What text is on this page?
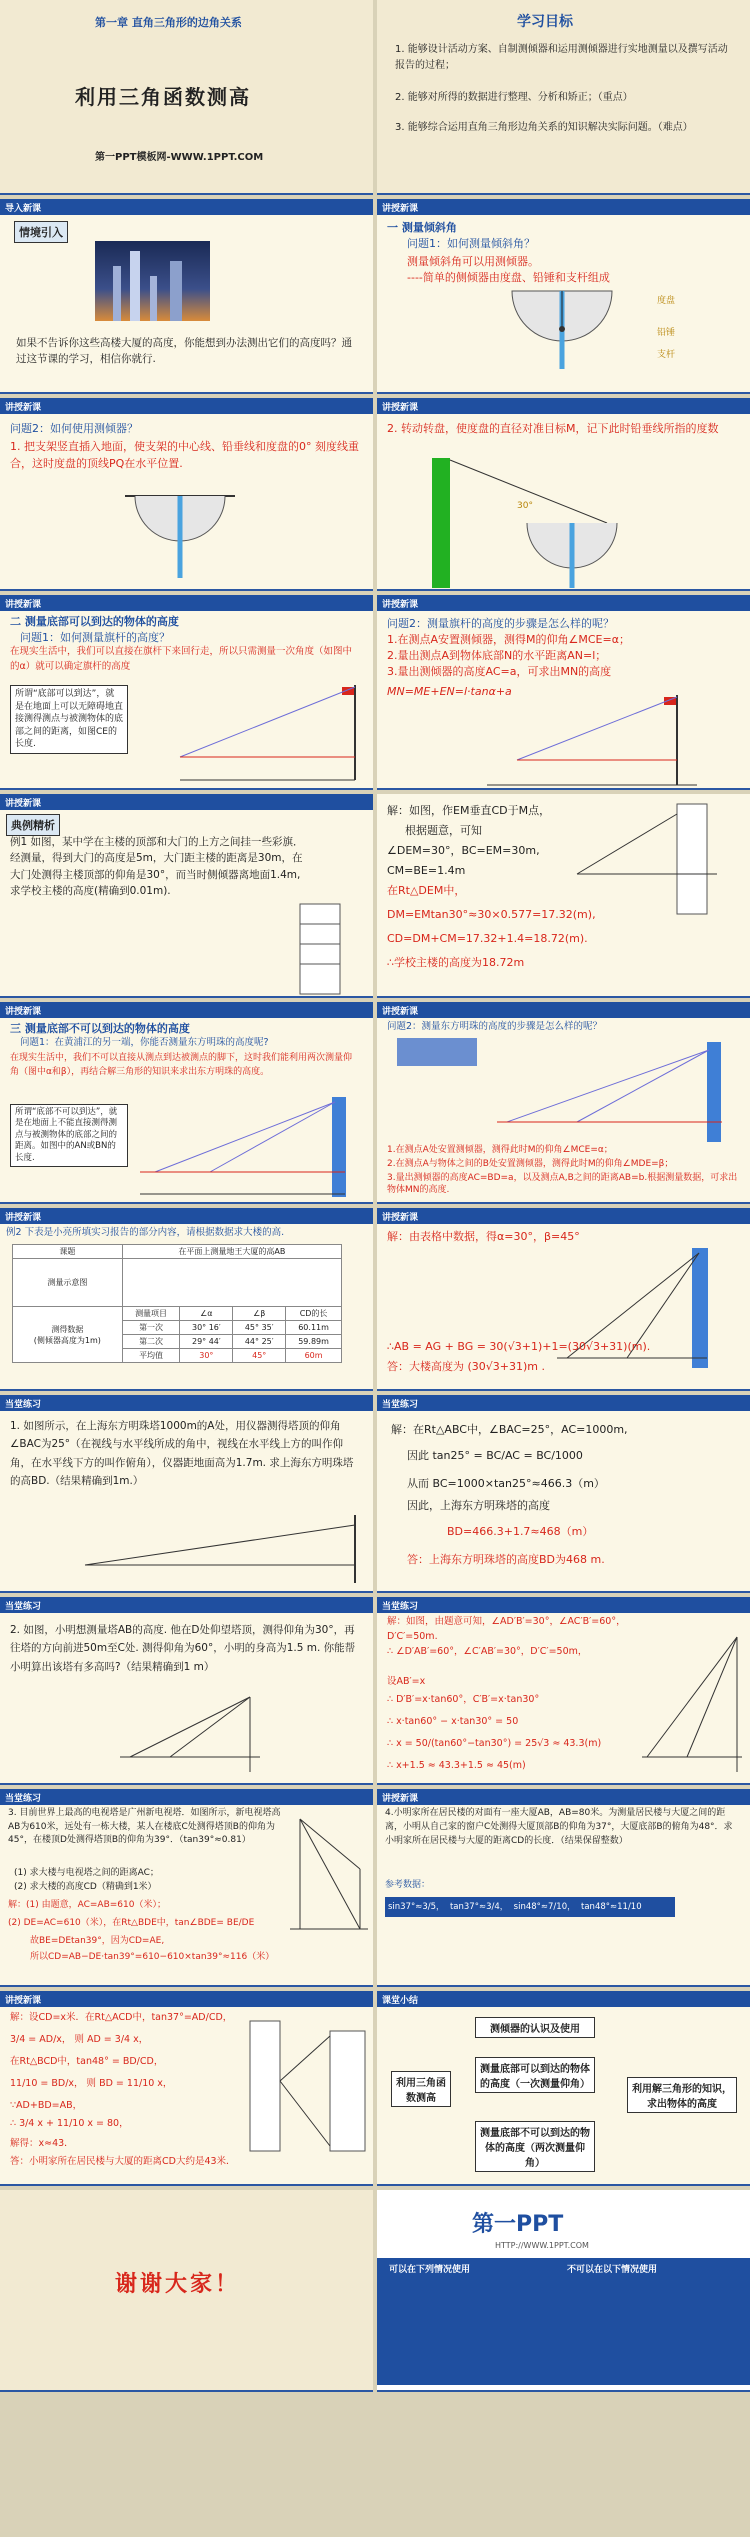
第一章 直角三角形的边角关系
利用三角函数测高
第一PPT模板网-WWW.1PPT.COM
学习目标
1. 能够设计活动方案、自制测倾器和运用测倾器进行实地测量以及撰写活动报告的过程；
2. 能够对所得的数据进行整理、分析和矫正；（重点）
3. 能够综合运用直角三角形边角关系的知识解决实际问题。（难点）
导入新课
情境引入
如果不告诉你这些高楼大厦的高度，你能想到办法测出它们的高度吗？通过这节课的学习，相信你就行.
讲授新课
一 测量倾斜角
问题1：如何测量倾斜角？
测量倾斜角可以用测倾器。
----简单的侧倾器由度盘、铅锤和支杆组成
度盘
铅锤
支杆
讲授新课
问题2：如何使用测倾器？
1. 把支架竖直插入地面，使支架的中心线、铅垂线和度盘的0° 刻度线重合，这时度盘的顶线PQ在水平位置.
讲授新课
2. 转动转盘，使度盘的直径对准目标M，记下此时铅垂线所指的度数
30°
讲授新课
二 测量底部可以到达的物体的高度
问题1：如何测量旗杆的高度？
在现实生活中，我们可以直接在旗杆下来回行走，所以只需测量一次角度（如图中的α）就可以确定旗杆的高度
所谓“底部可以到达”，就是在地面上可以无障碍地直接测得测点与被测物体的底部之间的距离，如图CE的长度.
讲授新课
问题2：测量旗杆的高度的步骤是怎么样的呢？
1.在测点A安置测倾器，测得M的仰角∠MCE=α；
2.量出测点A到物体底部N的水平距离AN=l；
3.量出测倾器的高度AC=a，可求出MN的高度
MN=ME+EN=l·tanα+a
讲授新课
典例精析
例1 如图，某中学在主楼的顶部和大门的上方之间挂一些彩旗．经测量，得到大门的高度是5m，大门距主楼的距离是30m，在大门处测得主楼顶部的仰角是30°，而当时侧倾器离地面1.4m,求学校主楼的高度(精确到0.01m).
解：如图，作EM垂直CD于M点，
根据题意，可知
∠DEM=30°，BC=EM=30m,
CM=BE=1.4m
在Rt△DEM中，
DM=EMtan30°≈30×0.577=17.32(m),
CD=DM+CM=17.32+1.4=18.72(m).
∴学校主楼的高度为18.72m
讲授新课
三 测量底部不可以到达的物体的高度
问题1：在黄浦江的另一端，你能否测量东方明珠的高度呢?
在现实生活中，我们不可以直接从测点到达被测点的脚下，这时我们能利用两次测量仰角（图中α和β），再结合解三角形的知识来求出东方明珠的高度。
所谓“底部不可以到达”，就是在地面上不能直接测得测点与被测物体的底部之间的距离。如图中的AN或BN的长度.
讲授新课
问题2：测量东方明珠的高度的步骤是怎么样的呢？
1.在测点A处安置测倾器，测得此时M的仰角∠MCE=α；
2.在测点A与物体之间的B处安置测倾器，测得此时M的仰角∠MDE=β；
3.量出测倾器的高度AC=BD=a，以及测点A,B之间的距离AB=b.根据测量数据，可求出物体MN的高度.
讲授新课
例2 下表是小亮所填实习报告的部分内容，请根据数据求大楼的高.
课题	在平面上测量地王大厦的高AB			
测量示意图				
测得数据
(侧倾器高度为1m)	测量项目	∠α	∠β	CD的长
	第一次	30° 16′	45° 35′	60.11m
	第二次	29° 44′	44° 25′	59.89m
	平均值	30°	45°	60m
讲授新课
解：由表格中数据，得α=30°，β=45°
∴AB = AG + BG = 30(√3+1)+1=(30√3+31)(m).
答：大楼高度为 (30√3+31)m .
当堂练习
1. 如图所示，在上海东方明珠塔1000m的A处，用仪器测得塔顶的仰角∠BAC为25°（在视线与水平线所成的角中，视线在水平线上方的叫作仰角，在水平线下方的叫作俯角），仪器距地面高为1.7m. 求上海东方明珠塔的高BD.（结果精确到1m.）
当堂练习
解：在Rt△ABC中，∠BAC=25°，AC=1000m,
因此 tan25° = BC/AC = BC/1000
从而 BC=1000×tan25°≈466.3（m）
因此，上海东方明珠塔的高度
BD=466.3+1.7≈468（m）
答：上海东方明珠塔的高度BD为468 m.
当堂练习
2. 如图，小明想测量塔AB的高度. 他在D处仰望塔顶，测得仰角为30°，再往塔的方向前进50m至C处. 测得仰角为60°，小明的身高为1.5 m. 你能帮小明算出该塔有多高吗?（结果精确到1 m）
当堂练习
解：如图，由题意可知，∠AD′B′=30°，∠AC′B′=60°，D′C′=50m.
∴ ∠D′AB′=60°，∠C′AB′=30°，D′C′=50m，
设AB′=x
∴ D′B′=x·tan60°，C′B′=x·tan30°
∴ x·tan60° − x·tan30° = 50
∴ x = 50/(tan60°−tan30°) = 25√3 ≈ 43.3(m)
∴ x+1.5 ≈ 43.3+1.5 ≈ 45(m)
当堂练习
3. 目前世界上最高的电视塔是广州新电视塔．如图所示，新电视塔高AB为610米，远处有一栋大楼，某人在楼底C处测得塔顶B的仰角为45°，在楼顶D处测得塔顶B的仰角为39°．（tan39°≈0.81）
(1) 求大楼与电视塔之间的距离AC；
(2) 求大楼的高度CD（精确到1米）
解：(1) 由题意，AC=AB=610（米）；
(2) DE=AC=610（米），在Rt△BDE中，tan∠BDE= BE/DE
故BE=DEtan39°，因为CD=AE,
所以CD=AB−DE·tan39°=610−610×tan39°≈116（米）
讲授新课
4.小明家所在居民楼的对面有一座大厦AB，AB=80米。为测量居民楼与大厦之间的距离，小明从自己家的窗户C处测得大厦顶部B的仰角为37°，大厦底部B的俯角为48°．求小明家所在居民楼与大厦的距离CD的长度．（结果保留整数）
参考数据：
sin37°≈3/5， tan37°≈3/4， sin48°≈7/10， tan48°≈11/10
讲授新课
解：设CD=x米．在Rt△ACD中，tan37°=AD/CD，
3/4 = AD/x， 则 AD = 3/4 x，
在Rt△BCD中，tan48° = BD/CD，
11/10 = BD/x， 则 BD = 11/10 x，
∵AD+BD=AB，
∴ 3/4 x + 11/10 x = 80，
解得：x≈43．
答：小明家所在居民楼与大厦的距离CD大约是43米．
课堂小结
利用三角函数测高
测倾器的认识及使用
测量底部可以到达的物体的高度（一次测量仰角）
测量底部不可以到达的物体的高度（两次测量仰角）
利用解三角形的知识，求出物体的高度
谢谢大家！
第一PPT
HTTP://WWW.1PPT.COM
可以在下列情况使用	不可以在以下情况使用
